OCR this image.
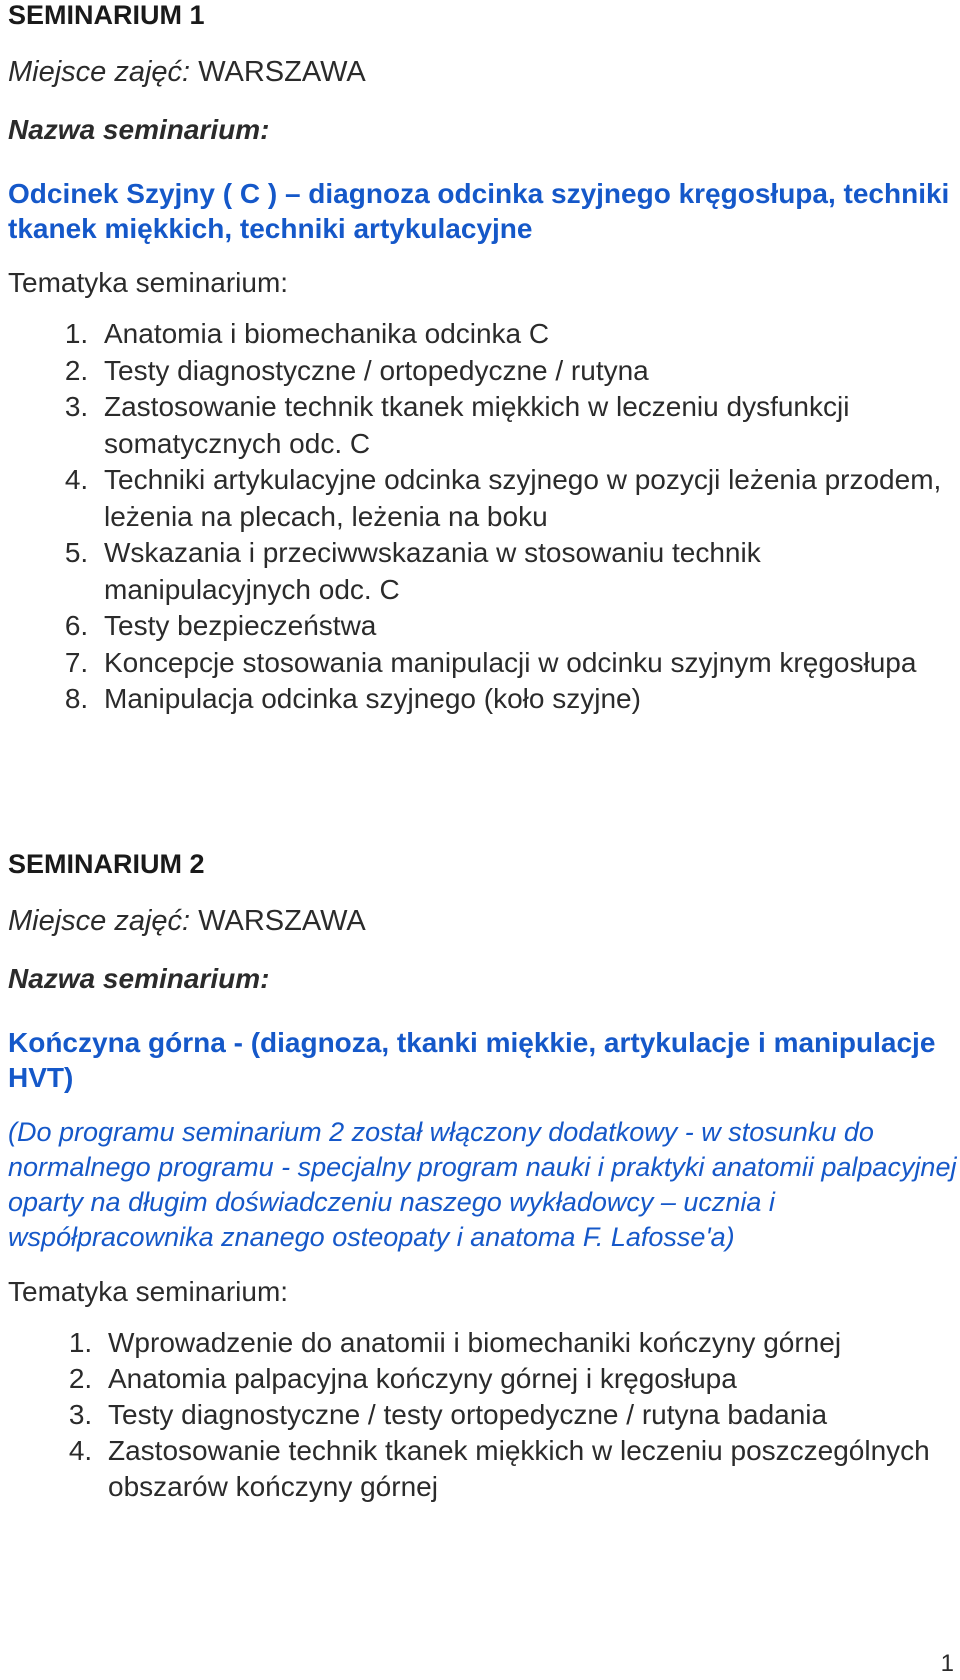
SEMINARIUM 1
Miejsce zajęć: WARSZAWA
Nazwa seminarium:
Odcinek Szyjny ( C ) – diagnoza odcinka szyjnego kręgosłupa, techniki tkanek miękkich, techniki artykulacyjne
Tematyka seminarium:
1. Anatomia i biomechanika odcinka C
2. Testy diagnostyczne / ortopedyczne / rutyna
3. Zastosowanie technik tkanek miękkich w leczeniu dysfunkcji somatycznych odc. C
4. Techniki artykulacyjne odcinka szyjnego w pozycji leżenia przodem, leżenia na plecach, leżenia na boku
5. Wskazania i przeciwwskazania w stosowaniu technik manipulacyjnych odc. C
6. Testy bezpieczeństwa
7. Koncepcje stosowania manipulacji w odcinku szyjnym kręgosłupa
8. Manipulacja odcinka szyjnego (koło szyjne)
SEMINARIUM 2
Miejsce zajęć: WARSZAWA
Nazwa seminarium:
Kończyna górna - (diagnoza, tkanki miękkie, artykulacje i manipulacje HVT)
(Do programu seminarium 2 został włączony dodatkowy - w stosunku do normalnego programu - specjalny program nauki i praktyki anatomii palpacyjnej oparty na długim doświadczeniu naszego wykładowcy – ucznia i współpracownika znanego osteopaty i anatoma F. Lafosse'a)
Tematyka seminarium:
1. Wprowadzenie do anatomii i biomechaniki kończyny górnej
2. Anatomia palpacyjna kończyny górnej i kręgosłupa
3. Testy diagnostyczne / testy ortopedyczne / rutyna badania
4. Zastosowanie technik tkanek miękkich w leczeniu poszczególnych obszarów kończyny górnej
1
